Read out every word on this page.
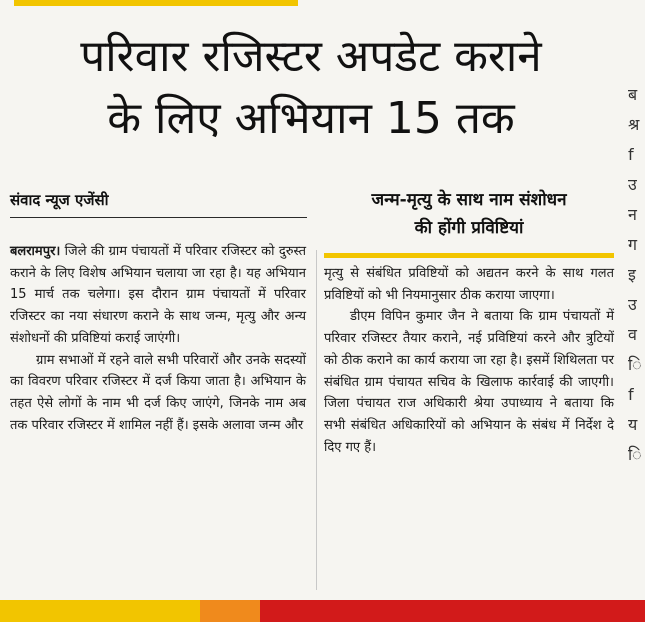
परिवार रजिस्टर अपडेट कराने
के लिए अभियान 15 तक
संवाद न्यूज एजेंसी

बलरामपुर। जिले की ग्राम पंचायतों में परिवार रजिस्टर को दुरुस्त कराने के लिए विशेष अभियान चलाया जा रहा है। यह अभियान 15 मार्च तक चलेगा। इस दौरान ग्राम पंचायतों में परिवार रजिस्टर का नया संधारण कराने के साथ जन्म, मृत्यु और अन्य संशोधनों की प्रविष्टियां कराई जाएंगी।

ग्राम सभाओं में रहने वाले सभी परिवारों और उनके सदस्यों का विवरण परिवार रजिस्टर में दर्ज किया जाता है। अभियान के तहत ऐसे लोगों के नाम भी दर्ज किए जाएंगे, जिनके नाम अब तक परिवार रजिस्टर में शामिल नहीं हैं। इसके अलावा जन्म और

जन्म-मृत्यु के साथ नाम संशोधन
की होंगी प्रविष्टियां

मृत्यु से संबंधित प्रविष्टियों को अद्यतन करने के साथ गलत प्रविष्टियों को भी नियमानुसार ठीक कराया जाएगा।

डीएम विपिन कुमार जैन ने बताया कि ग्राम पंचायतों में परिवार रजिस्टर तैयार कराने, नई प्रविष्टियां करने और त्रुटियों को ठीक कराने का कार्य कराया जा रहा है। इसमें शिथिलता पर संबंधित ग्राम पंचायत सचिव के खिलाफ कार्रवाई की जाएगी। जिला पंचायत राज अधिकारी श्रेया उपाध्याय ने बताया कि सभी संबंधित अधिकारियों को अभियान के संबंध में निर्देश दे दिए गए हैं।

ब
श्र
f
उ
न
ग
इ
उ
व
ि
f
य
ि
